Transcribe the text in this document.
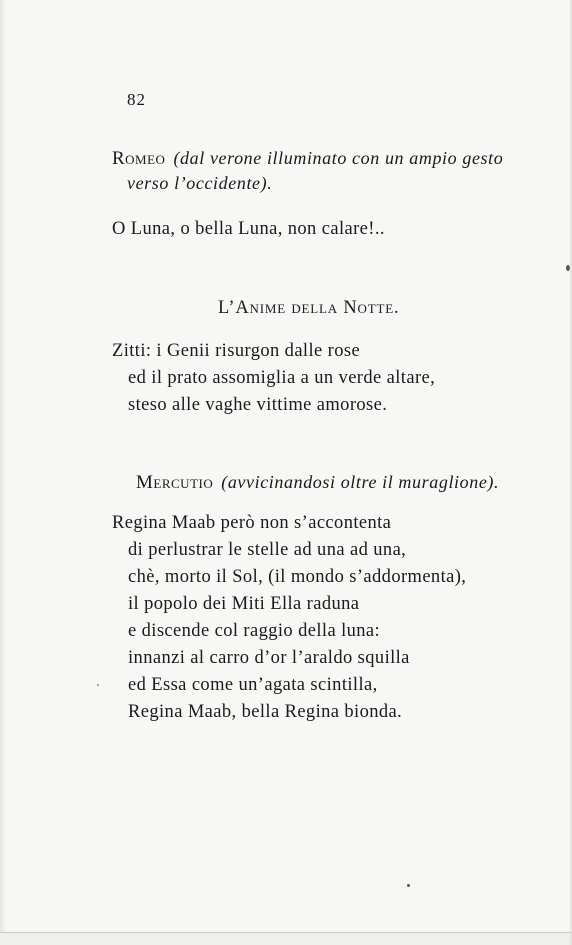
82
Romeo (dal verone illuminato con un ampio gesto
verso l’occidente).
O Luna, o bella Luna, non calare!..
L’Anime della Notte.
Zitti: i Genii risurgon dalle rose
ed il prato assomiglia a un verde altare,
steso alle vaghe vittime amorose.
Mercutio (avvicinandosi oltre il muraglione).
Regina Maab però non s’accontenta
di perlustrar le stelle ad una ad una,
chè, morto il Sol, (il mondo s’addormenta),
il popolo dei Miti Ella raduna
e discende col raggio della luna:
innanzi al carro d’or l’araldo squilla
ed Essa come un’agata scintilla,
Regina Maab, bella Regina bionda.
